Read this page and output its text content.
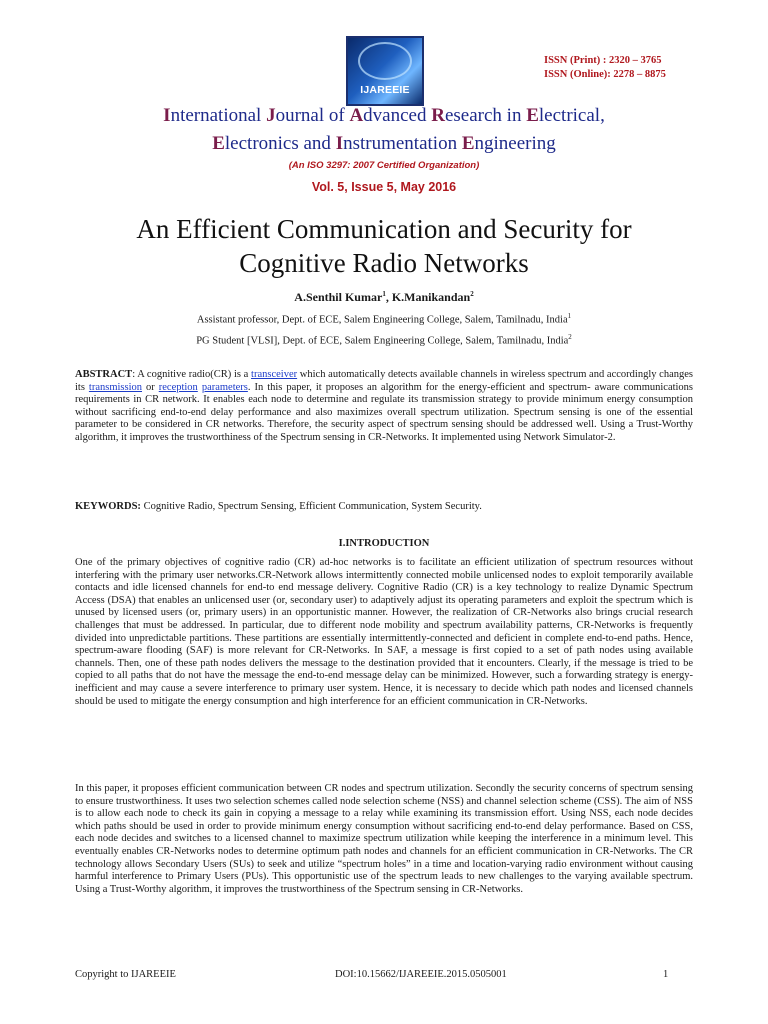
IJAREEIE
ISSN (Print) : 2320 – 3765
ISSN (Online): 2278 – 8875
International Journal of Advanced Research in Electrical,
Electronics and Instrumentation Engineering
(An ISO 3297: 2007 Certified Organization)
Vol. 5, Issue 5, May 2016
An Efficient Communication and Security for
Cognitive Radio Networks
A.Senthil Kumar$^1$, K.Manikandan$^2$
Assistant professor, Dept. of ECE, Salem Engineering College, Salem, Tamilnadu, India$^1$
PG Student [VLSI], Dept. of ECE, Salem Engineering College, Salem, Tamilnadu, India$^2$
ABSTRACT: A cognitive radio(CR) is a transceiver which automatically detects available channels in wireless spectrum and accordingly changes its transmission or reception parameters. In this paper, it proposes an algorithm for the energy-efficient and spectrum- aware communications requirements in CR network. It enables each node to determine and regulate its transmission strategy to provide minimum energy consumption without sacrificing end-to-end delay performance and also maximizes overall spectrum utilization. Spectrum sensing is one of the essential parameter to be considered in CR networks. Therefore, the security aspect of spectrum sensing should be addressed well. Using a Trust-Worthy algorithm, it improves the trustworthiness of the Spectrum sensing in CR-Networks. It implemented using Network Simulator-2.
KEYWORDS: Cognitive Radio, Spectrum Sensing, Efficient Communication, System Security.
I.INTRODUCTION
One of the primary objectives of cognitive radio (CR) ad-hoc networks is to facilitate an efficient utilization of spectrum resources without interfering with the primary user networks.CR-Network allows intermittently connected mobile unlicensed nodes to exploit temporarily available contacts and idle licensed channels for end-to end message delivery. Cognitive Radio (CR) is a key technology to realize Dynamic Spectrum Access (DSA) that enables an unlicensed user (or, secondary user) to adaptively adjust its operating parameters and exploit the spectrum which is unused by licensed users (or, primary users) in an opportunistic manner. However, the realization of CR-Networks also brings crucial research challenges that must be addressed. In particular, due to different node mobility and spectrum availability patterns, CR-Networks is frequently divided into unpredictable partitions. These partitions are essentially intermittently-connected and deficient in complete end-to-end paths. Hence, spectrum-aware flooding (SAF) is more relevant for CR-Networks. In SAF, a message is first copied to a set of path nodes using available channels. Then, one of these path nodes delivers the message to the destination provided that it encounters. Clearly, if the message is tried to be copied to all paths that do not have the message the end-to-end message delay can be minimized. However, such a forwarding strategy is energy-inefficient and may cause a severe interference to primary user system. Hence, it is necessary to decide which path nodes and licensed channels should be used to mitigate the energy consumption and high interference for an efficient communication in CR-Networks.
In this paper, it proposes efficient communication between CR nodes and spectrum utilization. Secondly the security concerns of spectrum sensing to ensure trustworthiness. It uses two selection schemes called node selection scheme (NSS) and channel selection scheme (CSS). The aim of NSS is to allow each node to check its gain in copying a message to a relay while examining its transmission effort. Using NSS, each node decides which paths should be used in order to provide minimum energy consumption without sacrificing end-to-end delay performance. Based on CSS, each node decides and switches to a licensed channel to maximize spectrum utilization while keeping the interference in a minimum level. This eventually enables CR-Networks nodes to determine optimum path nodes and channels for an efficient communication in CR-Networks. The CR technology allows Secondary Users (SUs) to seek and utilize “spectrum holes” in a time and location-varying radio environment without causing harmful interference to Primary Users (PUs). This opportunistic use of the spectrum leads to new challenges to the varying available spectrum. Using a Trust-Worthy algorithm, it improves the trustworthiness of the Spectrum sensing in CR-Networks.
Copyright to IJAREEIE	DOI:10.15662/IJAREEIE.2015.0505001	1
